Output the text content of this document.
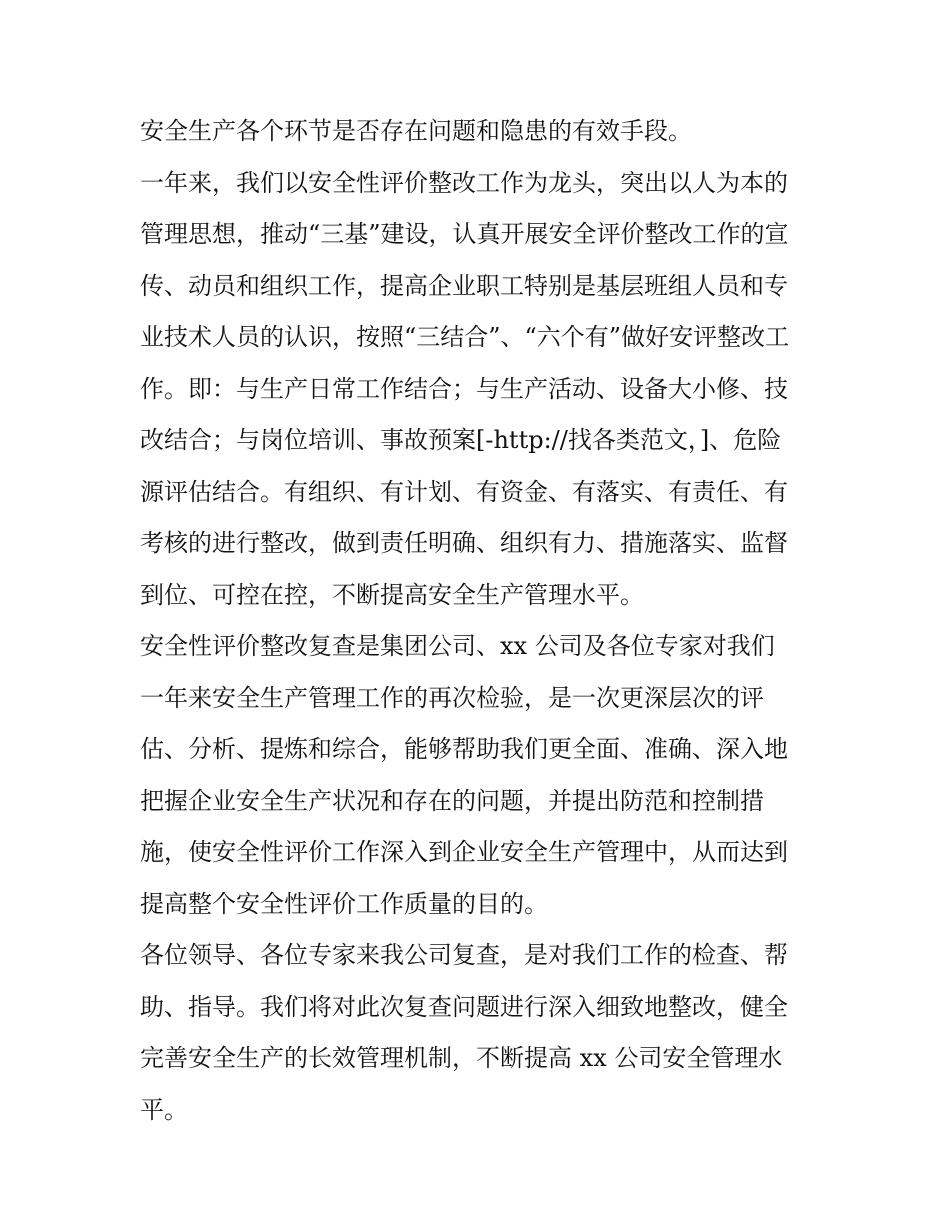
安全生产各个环节是否存在问题和隐患的有效手段。
一年来，我们以安全性评价整改工作为龙头，突出以人为本的
管理思想，推动“三基”建设，认真开展安全评价整改工作的宣
传、动员和组织工作，提高企业职工特别是基层班组人员和专
业技术人员的认识，按照“三结合”、“六个有”做好安评整改工
作。即：与生产日常工作结合；与生产活动、设备大小修、技
改结合；与岗位培训、事故预案[-http://找各类范文，]、危险
源评估结合。有组织、有计划、有资金、有落实、有责任、有
考核的进行整改，做到责任明确、组织有力、措施落实、监督
到位、可控在控，不断提高安全生产管理水平。
安全性评价整改复查是集团公司、xx 公司及各位专家对我们
一年来安全生产管理工作的再次检验，是一次更深层次的评
估、分析、提炼和综合，能够帮助我们更全面、准确、深入地
把握企业安全生产状况和存在的问题，并提出防范和控制措
施，使安全性评价工作深入到企业安全生产管理中，从而达到
提高整个安全性评价工作质量的目的。
各位领导、各位专家来我公司复查，是对我们工作的检查、帮
助、指导。我们将对此次复查问题进行深入细致地整改，健全
完善安全生产的长效管理机制，不断提高 xx 公司安全管理水
平。
